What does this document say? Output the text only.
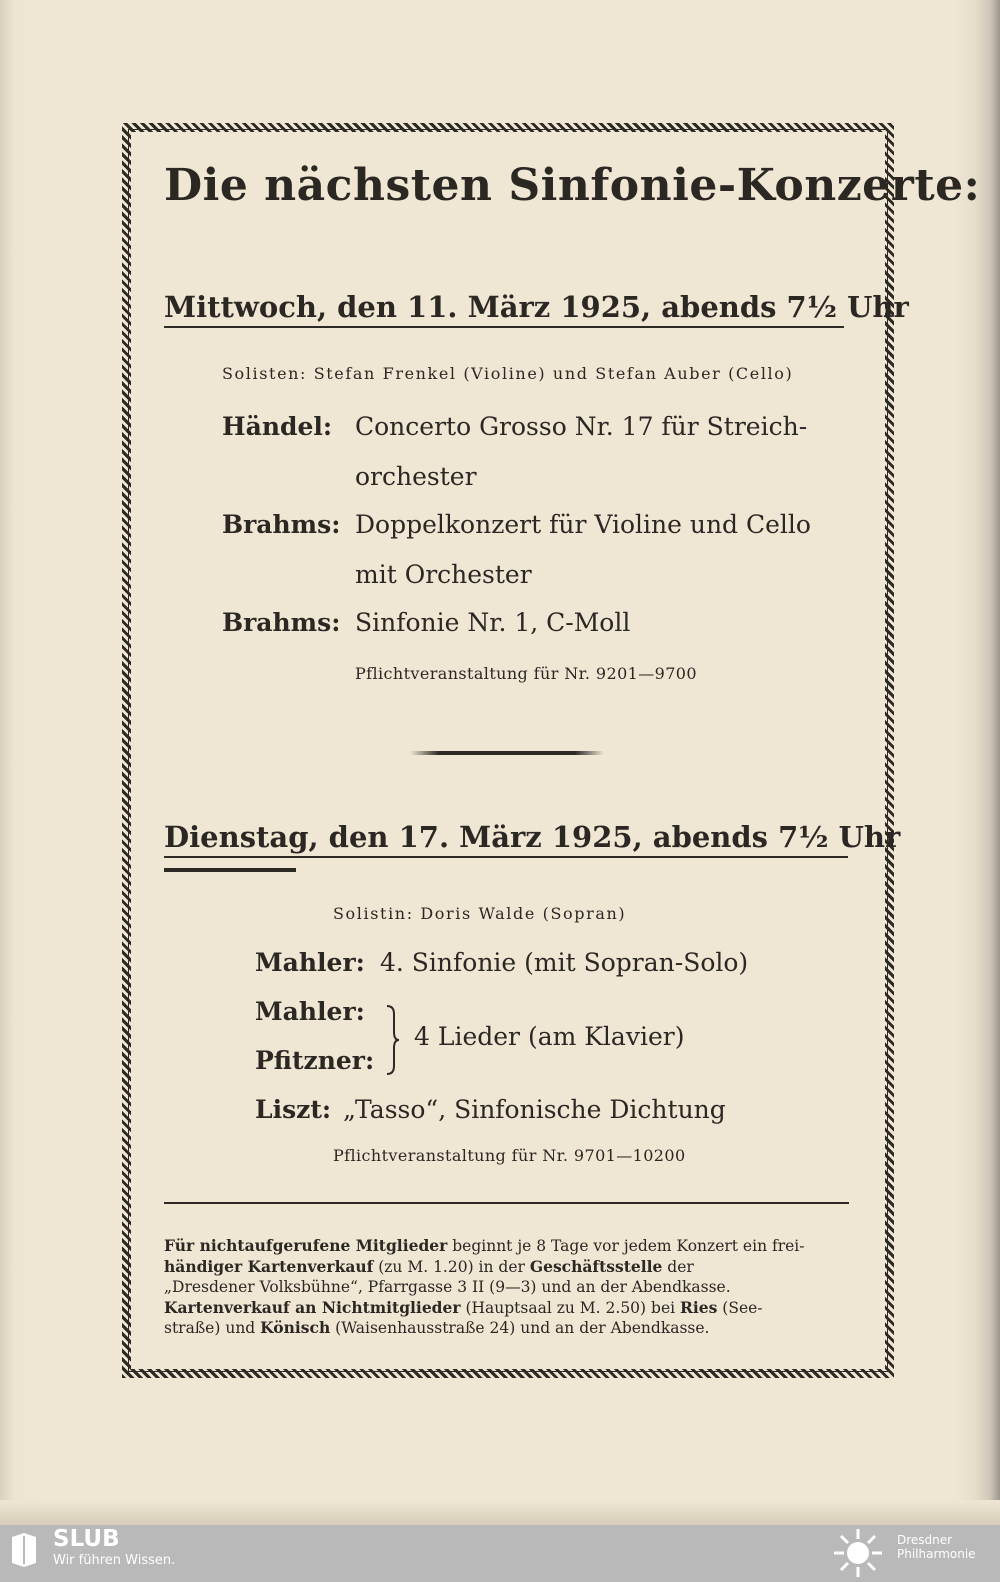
Die nächsten Sinfonie-Konzerte:
Mittwoch, den 11. März 1925, abends 7½ Uhr
Solisten: Stefan Frenkel (Violine) und Stefan Auber (Cello)
Händel: Concerto Grosso Nr. 17 für Streich-
orchester
Brahms: Doppelkonzert für Violine und Cello
mit Orchester
Brahms: Sinfonie Nr. 1, C-Moll
Pflichtveranstaltung für Nr. 9201—9700
Dienstag, den 17. März 1925, abends 7½ Uhr
Solistin: Doris Walde (Sopran)
Mahler: 4. Sinfonie (mit Sopran-Solo)
Mahler:
Pfitzner:
4 Lieder (am Klavier)
Liszt: „Tasso“, Sinfonische Dichtung
Pflichtveranstaltung für Nr. 9701—10200
Für nichtaufgerufene Mitglieder beginnt je 8 Tage vor jedem Konzert ein frei-
händiger Kartenverkauf (zu M. 1.20) in der Geschäftsstelle der
„Dresdener Volksbühne“, Pfarrgasse 3 II (9—3) und an der Abendkasse.
Kartenverkauf an Nichtmitglieder (Hauptsaal zu M. 2.50) bei Ries (See-
straße) und Könisch (Waisenhausstraße 24) und an der Abendkasse.
SLUB
Wir führen Wissen.
Dresdner
Philharmonie
